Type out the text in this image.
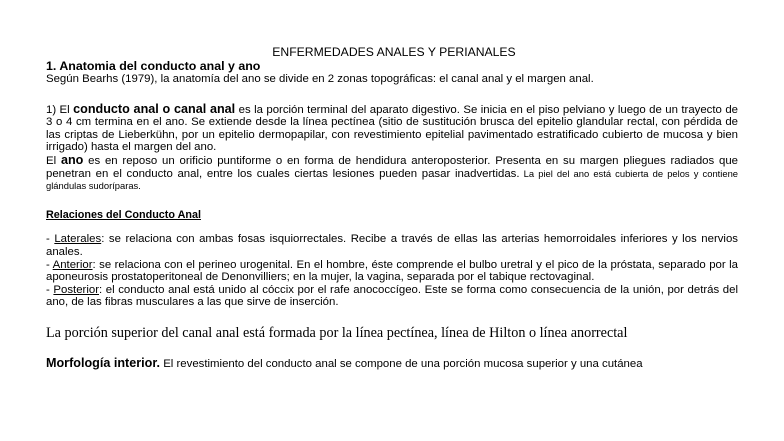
ENFERMEDADES ANALES Y PERIANALES

1. Anatomia del conducto anal y ano

Según Bearhs (1979), la anatomía del ano se divide en 2 zonas topográficas: el canal anal y el margen anal.

1) El conducto anal o canal anal es la porción terminal del aparato digestivo. Se inicia en el piso pelviano y luego de un trayecto de 3 o 4 cm termina en el ano. Se extiende desde la línea pectínea (sitio de sustitución brusca del epitelio glandular rectal, con pérdida de las criptas de Lieberkühn, por un epitelio dermopapilar, con revestimiento epitelial pavimentado estratificado cubierto de mucosa y bien irrigado) hasta el margen del ano.

El ano es en reposo un orificio puntiforme o en forma de hendidura anteroposterior. Presenta en su margen pliegues radiados que penetran en el conducto anal, entre los cuales ciertas lesiones pueden pasar inadvertidas. La piel del ano está cubierta de pelos y contiene glándulas sudoríparas.

Relaciones del Conducto Anal

- Laterales: se relaciona con ambas fosas isquiorrectales. Recibe a través de ellas las arterias hemorroidales inferiores y los nervios anales.

- Anterior: se relaciona con el perineo urogenital. En el hombre, éste comprende el bulbo uretral y el pico de la próstata, separado por la aponeurosis prostatoperitoneal de Denonvilliers; en la mujer, la vagina, separada por el tabique rectovaginal.

- Posterior: el conducto anal está unido al cóccix por el rafe anococcígeo. Este se forma como consecuencia de la unión, por detrás del ano, de las fibras musculares a las que sirve de inserción.

La porción superior del canal anal está formada por la línea pectínea, línea de Hilton o línea anorrectal

Morfología interior. El revestimiento del conducto anal se compone de una porción mucosa superior y una cutánea
